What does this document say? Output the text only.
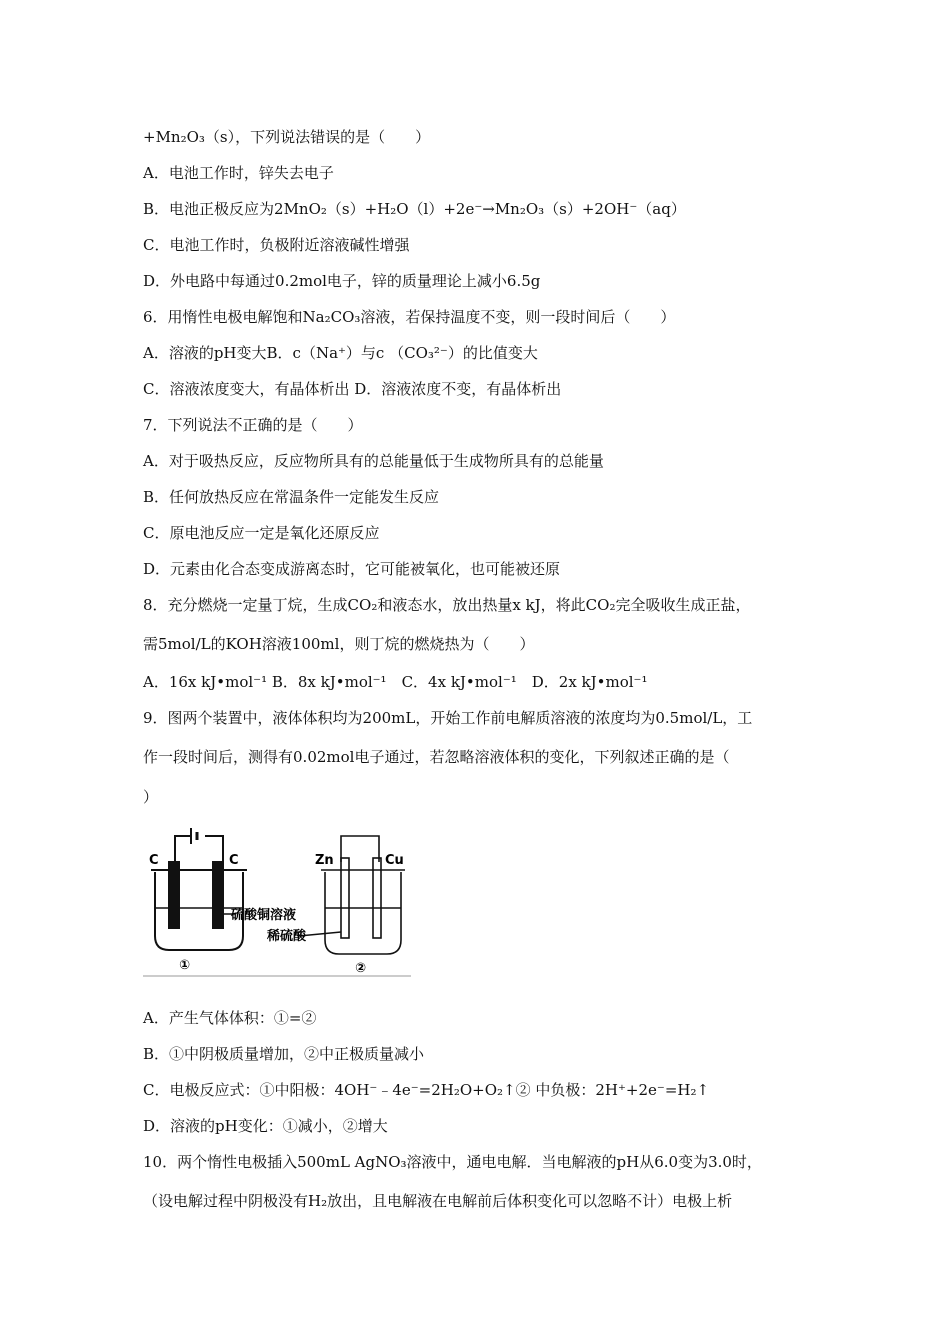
+Mn₂O₃（s），下列说法错误的是（　　）
A．电池工作时，锌失去电子
B．电池正极反应为2MnO₂（s）+H₂O（l）+2e⁻→Mn₂O₃（s）+2OH⁻（aq）
C．电池工作时，负极附近溶液碱性增强
D．外电路中每通过0.2mol电子，锌的质量理论上减小6.5g
6．用惰性电极电解饱和Na₂CO₃溶液，若保持温度不变，则一段时间后（　　）
A．溶液的pH变大B．c（Na⁺）与c （CO₃²⁻）的比值变大
C．溶液浓度变大，有晶体析出 D．溶液浓度不变，有晶体析出
7．下列说法不正确的是（　　）
A．对于吸热反应，反应物所具有的总能量低于生成物所具有的总能量
B．任何放热反应在常温条件一定能发生反应
C．原电池反应一定是氧化还原反应
D．元素由化合态变成游离态时，它可能被氧化，也可能被还原
8．充分燃烧一定量丁烷，生成CO₂和液态水，放出热量x kJ，将此CO₂完全吸收生成正盐，
需5mol/L的KOH溶液100ml，则丁烷的燃烧热为（　　）
A．16x kJ•mol⁻¹ B．8x kJ•mol⁻¹　C．4x kJ•mol⁻¹　D．2x kJ•mol⁻¹
9．图两个装置中，液体体积均为200mL，开始工作前电解质溶液的浓度均为0.5mol/L，工
作一段时间后，测得有0.02mol电子通过，若忽略溶液体积的变化，下列叙述正确的是（
）
C	C
硫酸铜溶液
①
Zn	Cu
稀硫酸
②
A．产生气体体积：①=②
B．①中阴极质量增加，②中正极质量减小
C．电极反应式：①中阳极：4OH⁻﹣4e⁻=2H₂O+O₂↑② 中负极：2H⁺+2e⁻=H₂↑
D．溶液的pH变化：①减小，②增大
10．两个惰性电极插入500mL AgNO₃溶液中，通电电解．当电解液的pH从6.0变为3.0时，
（设电解过程中阴极没有H₂放出，且电解液在电解前后体积变化可以忽略不计）电极上析
